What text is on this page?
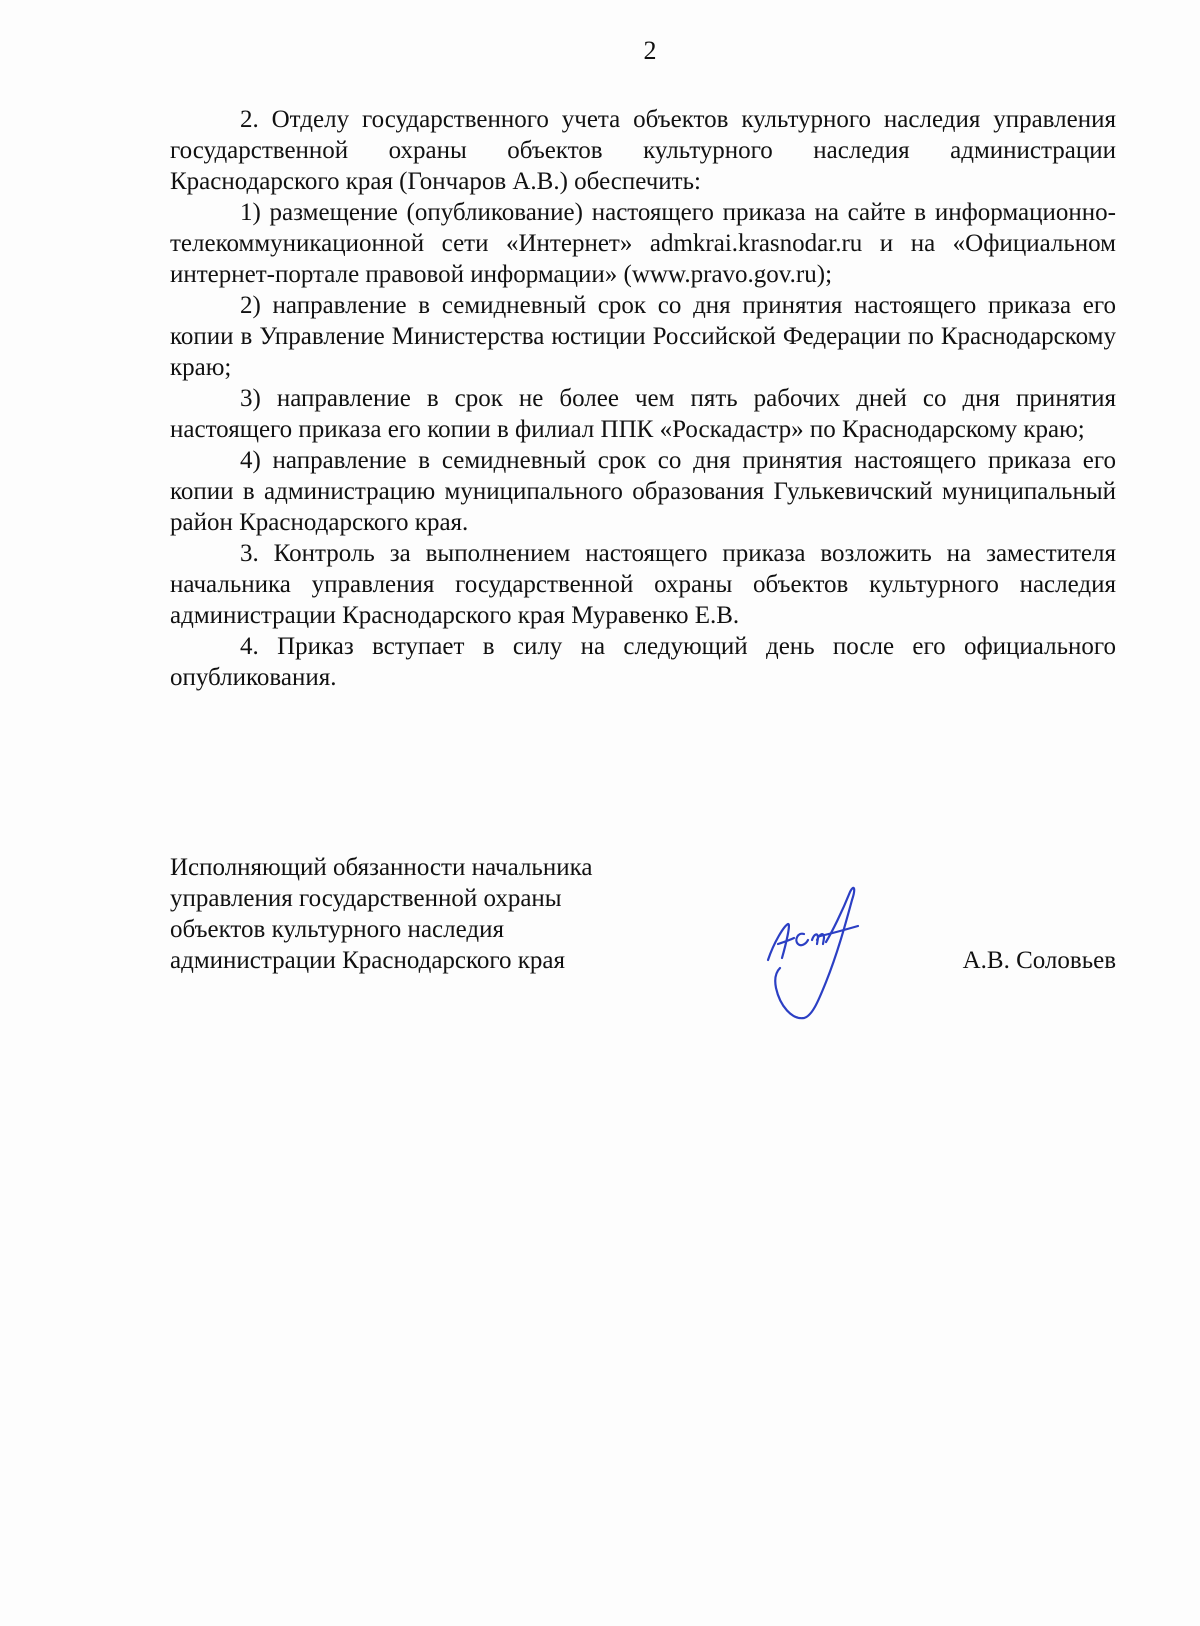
2

2. Отделу государственного учета объектов культурного наследия управления государственной охраны объектов культурного наследия администрации Краснодарского края (Гончаров А.В.) обеспечить:

1) размещение (опубликование) настоящего приказа на сайте в информационно-телекоммуникационной сети «Интернет» admkrai.krasnodar.ru и на «Официальном интернет-портале правовой информации» (www.pravo.gov.ru);

2) направление в семидневный срок со дня принятия настоящего приказа его копии в Управление Министерства юстиции Российской Федерации по Краснодарскому краю;

3) направление в срок не более чем пять рабочих дней со дня принятия настоящего приказа его копии в филиал ППК «Роскадастр» по Краснодарскому краю;

4) направление в семидневный срок со дня принятия настоящего приказа его копии в администрацию муниципального образования Гулькевичский муниципальный район Краснодарского края.

3. Контроль за выполнением настоящего приказа возложить на заместителя начальника управления государственной охраны объектов культурного наследия администрации Краснодарского края Муравенко Е.В.

4. Приказ вступает в силу на следующий день после его официального опубликования.

Исполняющий обязанности начальника
управления государственной охраны
объектов культурного наследия
администрации Краснодарского края	А.В. Соловьев
